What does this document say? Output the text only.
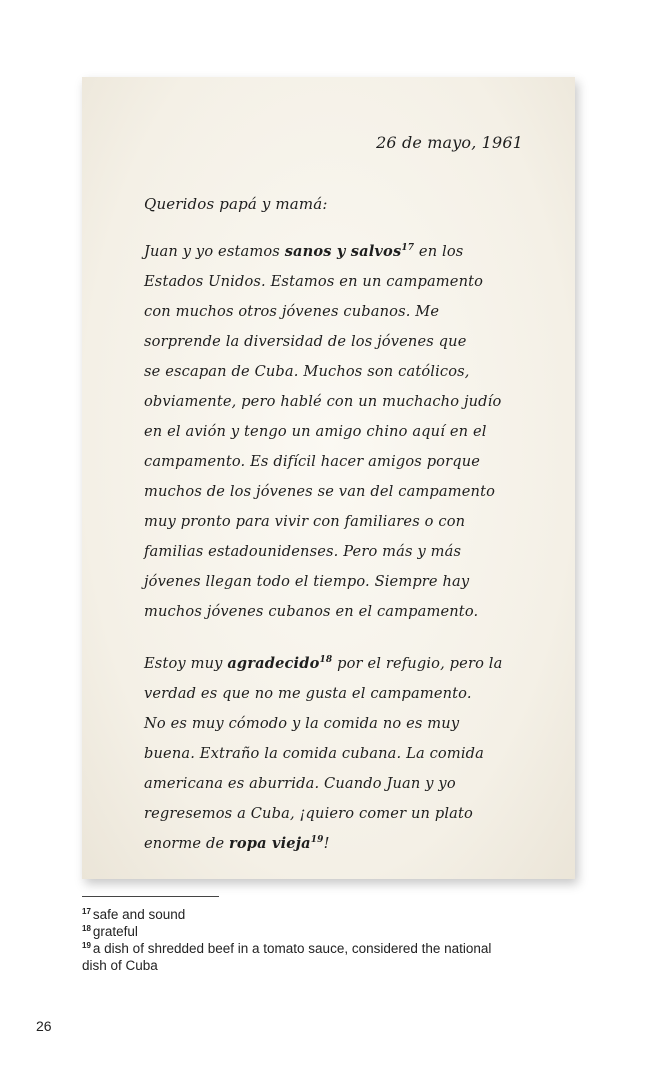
26 de mayo, 1961
Queridos papá y mamá:
Juan y yo estamos sanos y salvos$^{17}$ en los
Estados Unidos. Estamos en un campamento
con muchos otros jóvenes cubanos. Me
sorprende la diversidad de los jóvenes que
se escapan de Cuba. Muchos son católicos,
obviamente, pero hablé con un muchacho judío
en el avión y tengo un amigo chino aquí en el
campamento. Es difícil hacer amigos porque
muchos de los jóvenes se van del campamento
muy pronto para vivir con familiares o con
familias estadounidenses. Pero más y más
jóvenes llegan todo el tiempo. Siempre hay
muchos jóvenes cubanos en el campamento.
Estoy muy agradecido$^{18}$ por el refugio, pero la
verdad es que no me gusta el campamento.
No es muy cómodo y la comida no es muy
buena. Extraño la comida cubana. La comida
americana es aburrida. Cuando Juan y yo
regresemos a Cuba, ¡quiero comer un plato
enorme de ropa vieja$^{19}$!
$^{17}$ safe and sound
$^{18}$ grateful
$^{19}$ a dish of shredded beef in a tomato sauce, considered the national
dish of Cuba
26
